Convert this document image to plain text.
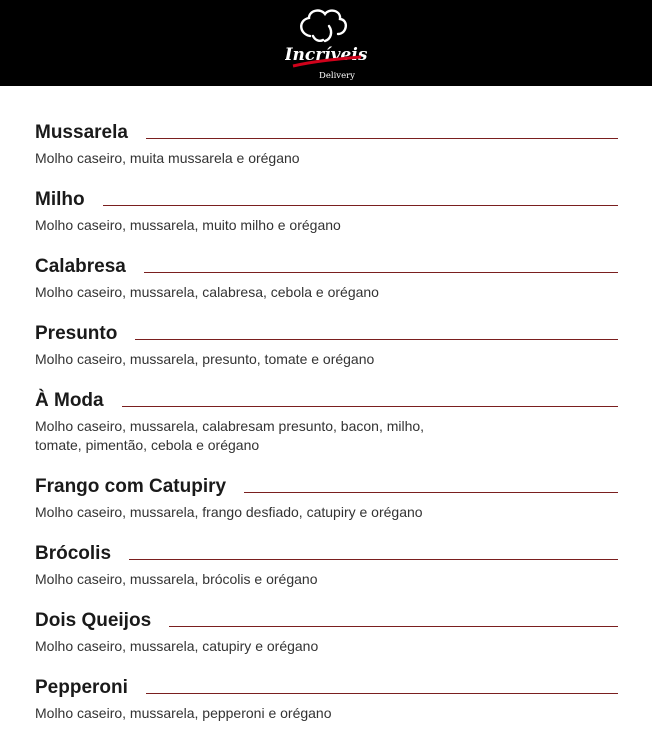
Incríveis
Delivery
Mussarela
Molho caseiro, muita mussarela e orégano
Milho
Molho caseiro, mussarela, muito milho e orégano
Calabresa
Molho caseiro, mussarela, calabresa, cebola e orégano
Presunto
Molho caseiro, mussarela, presunto, tomate e orégano
À Moda
Molho caseiro, mussarela, calabresam presunto, bacon, milho, tomate, pimentão, cebola e orégano
Frango com Catupiry
Molho caseiro, mussarela, frango desfiado, catupiry e orégano
Brócolis
Molho caseiro, mussarela, brócolis e orégano
Dois Queijos
Molho caseiro, mussarela, catupiry e orégano
Pepperoni
Molho caseiro, mussarela, pepperoni e orégano
